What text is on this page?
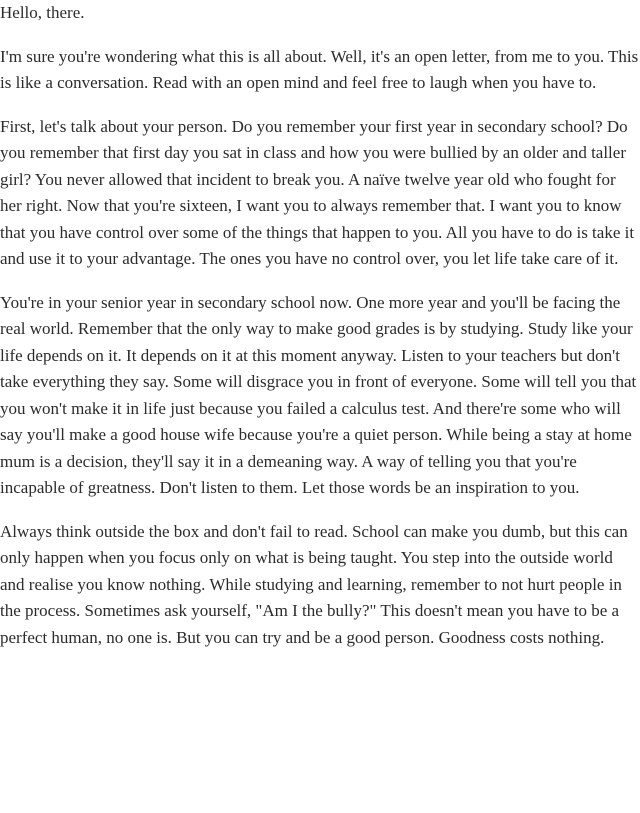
Hello, there.

I'm sure you're wondering what this is all about. Well, it's an open letter, from me to you. This is like a conversation. Read with an open mind and feel free to laugh when you have to.

First, let's talk about your person. Do you remember your first year in secondary school? Do you remember that first day you sat in class and how you were bullied by an older and taller girl? You never allowed that incident to break you. A naïve twelve year old who fought for her right. Now that you're sixteen, I want you to always remember that. I want you to know that you have control over some of the things that happen to you. All you have to do is take it and use it to your advantage. The ones you have no control over, you let life take care of it.

You're in your senior year in secondary school now. One more year and you'll be facing the real world. Remember that the only way to make good grades is by studying. Study like your life depends on it. It depends on it at this moment anyway. Listen to your teachers but don't take everything they say. Some will disgrace you in front of everyone. Some will tell you that you won't make it in life just because you failed a calculus test. And there're some who will say you'll make a good house wife because you're a quiet person. While being a stay at home mum is a decision, they'll say it in a demeaning way. A way of telling you that you're incapable of greatness. Don't listen to them. Let those words be an inspiration to you.

Always think outside the box and don't fail to read. School can make you dumb, but this can only happen when you focus only on what is being taught. You step into the outside world and realise you know nothing. While studying and learning, remember to not hurt people in the process. Sometimes ask yourself, "Am I the bully?" This doesn't mean you have to be a perfect human, no one is. But you can try and be a good person. Goodness costs nothing.
